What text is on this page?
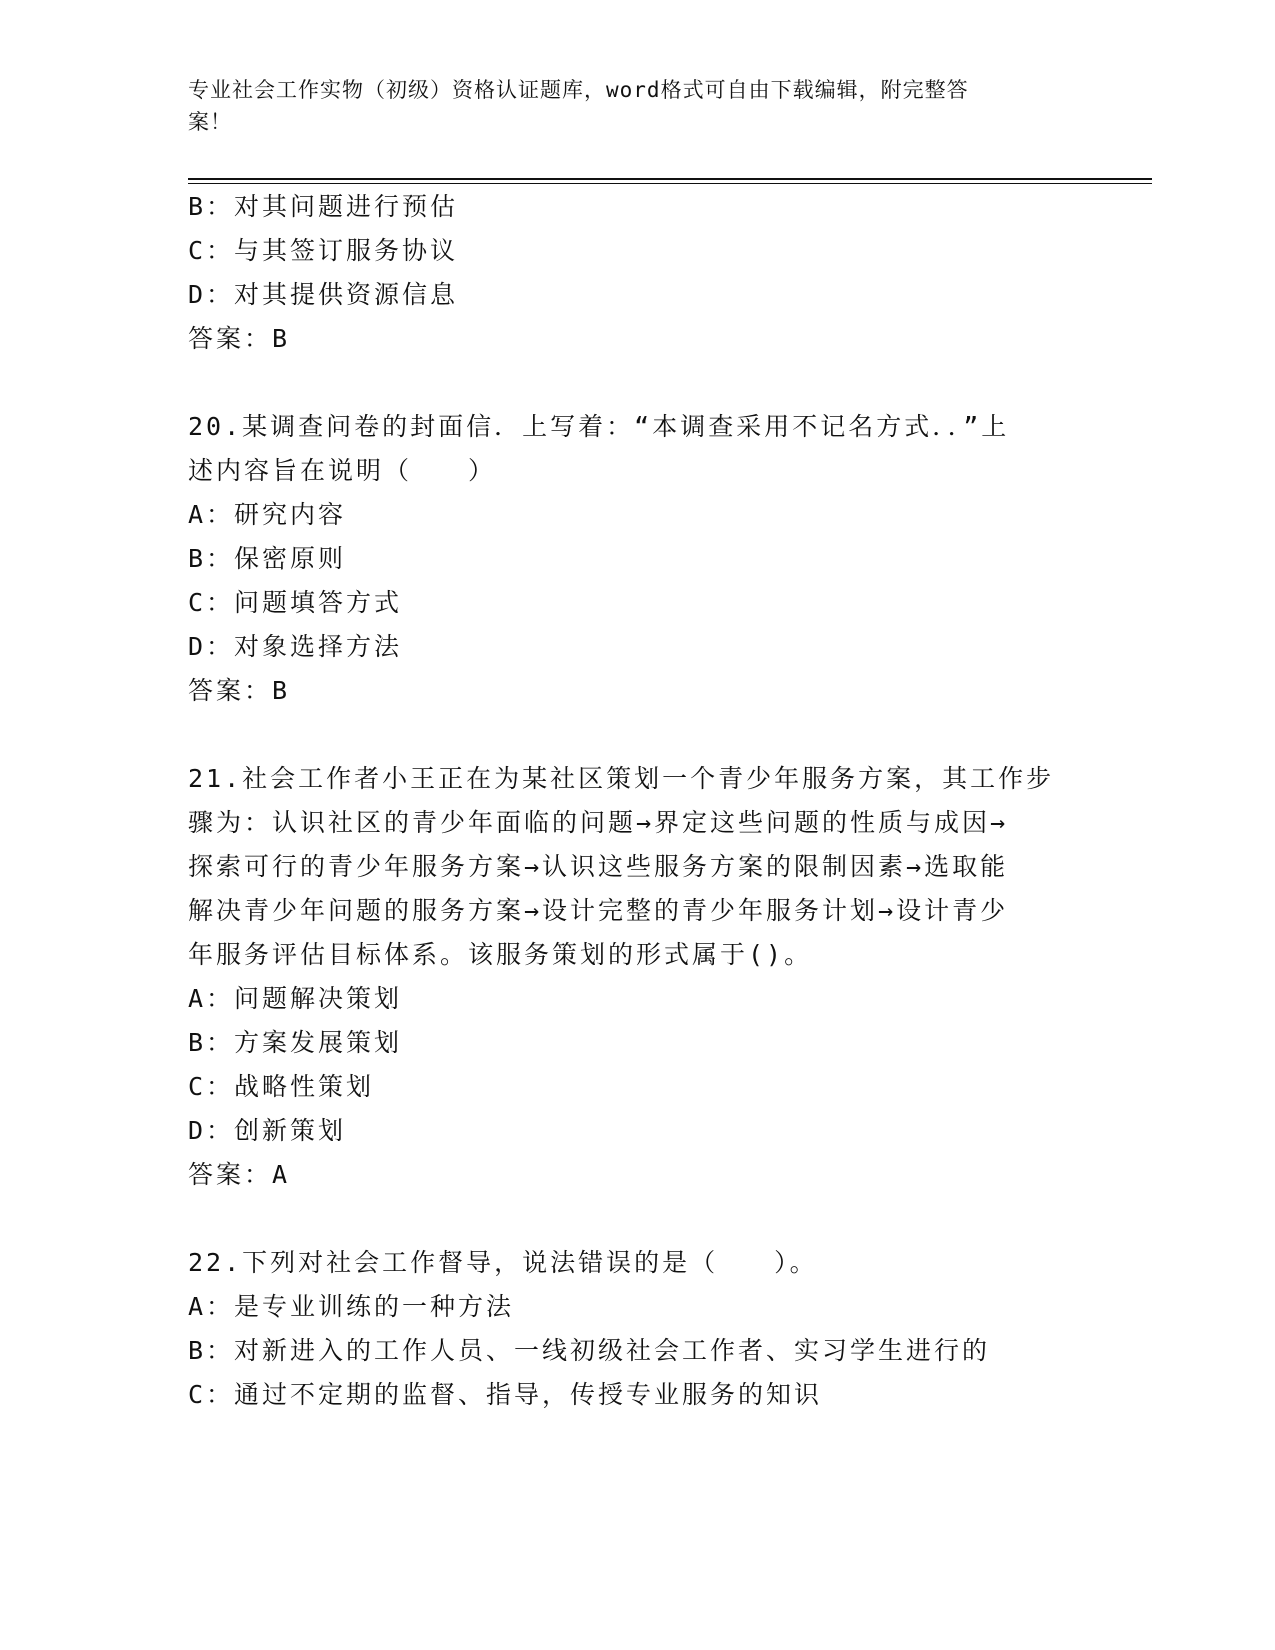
专业社会工作实物（初级）资格认证题库，word格式可自由下载编辑，附完整答
案！
B：对其问题进行预估
C：与其签订服务协议
D：对其提供资源信息
答案：B
20.某调查问卷的封面信．上写着：“本调查采用不记名方式．．”上
述内容旨在说明（　　）
A：研究内容
B：保密原则
C：问题填答方式
D：对象选择方法
答案：B
21.社会工作者小王正在为某社区策划一个青少年服务方案，其工作步
骤为：认识社区的青少年面临的问题→界定这些问题的性质与成因→
探索可行的青少年服务方案→认识这些服务方案的限制因素→选取能
解决青少年问题的服务方案→设计完整的青少年服务计划→设计青少
年服务评估目标体系。该服务策划的形式属于()。
A：问题解决策划
B：方案发展策划
C：战略性策划
D：创新策划
答案：A
22.下列对社会工作督导，说法错误的是（　　）。
A：是专业训练的一种方法
B：对新进入的工作人员、一线初级社会工作者、实习学生进行的
C：通过不定期的监督、指导，传授专业服务的知识
